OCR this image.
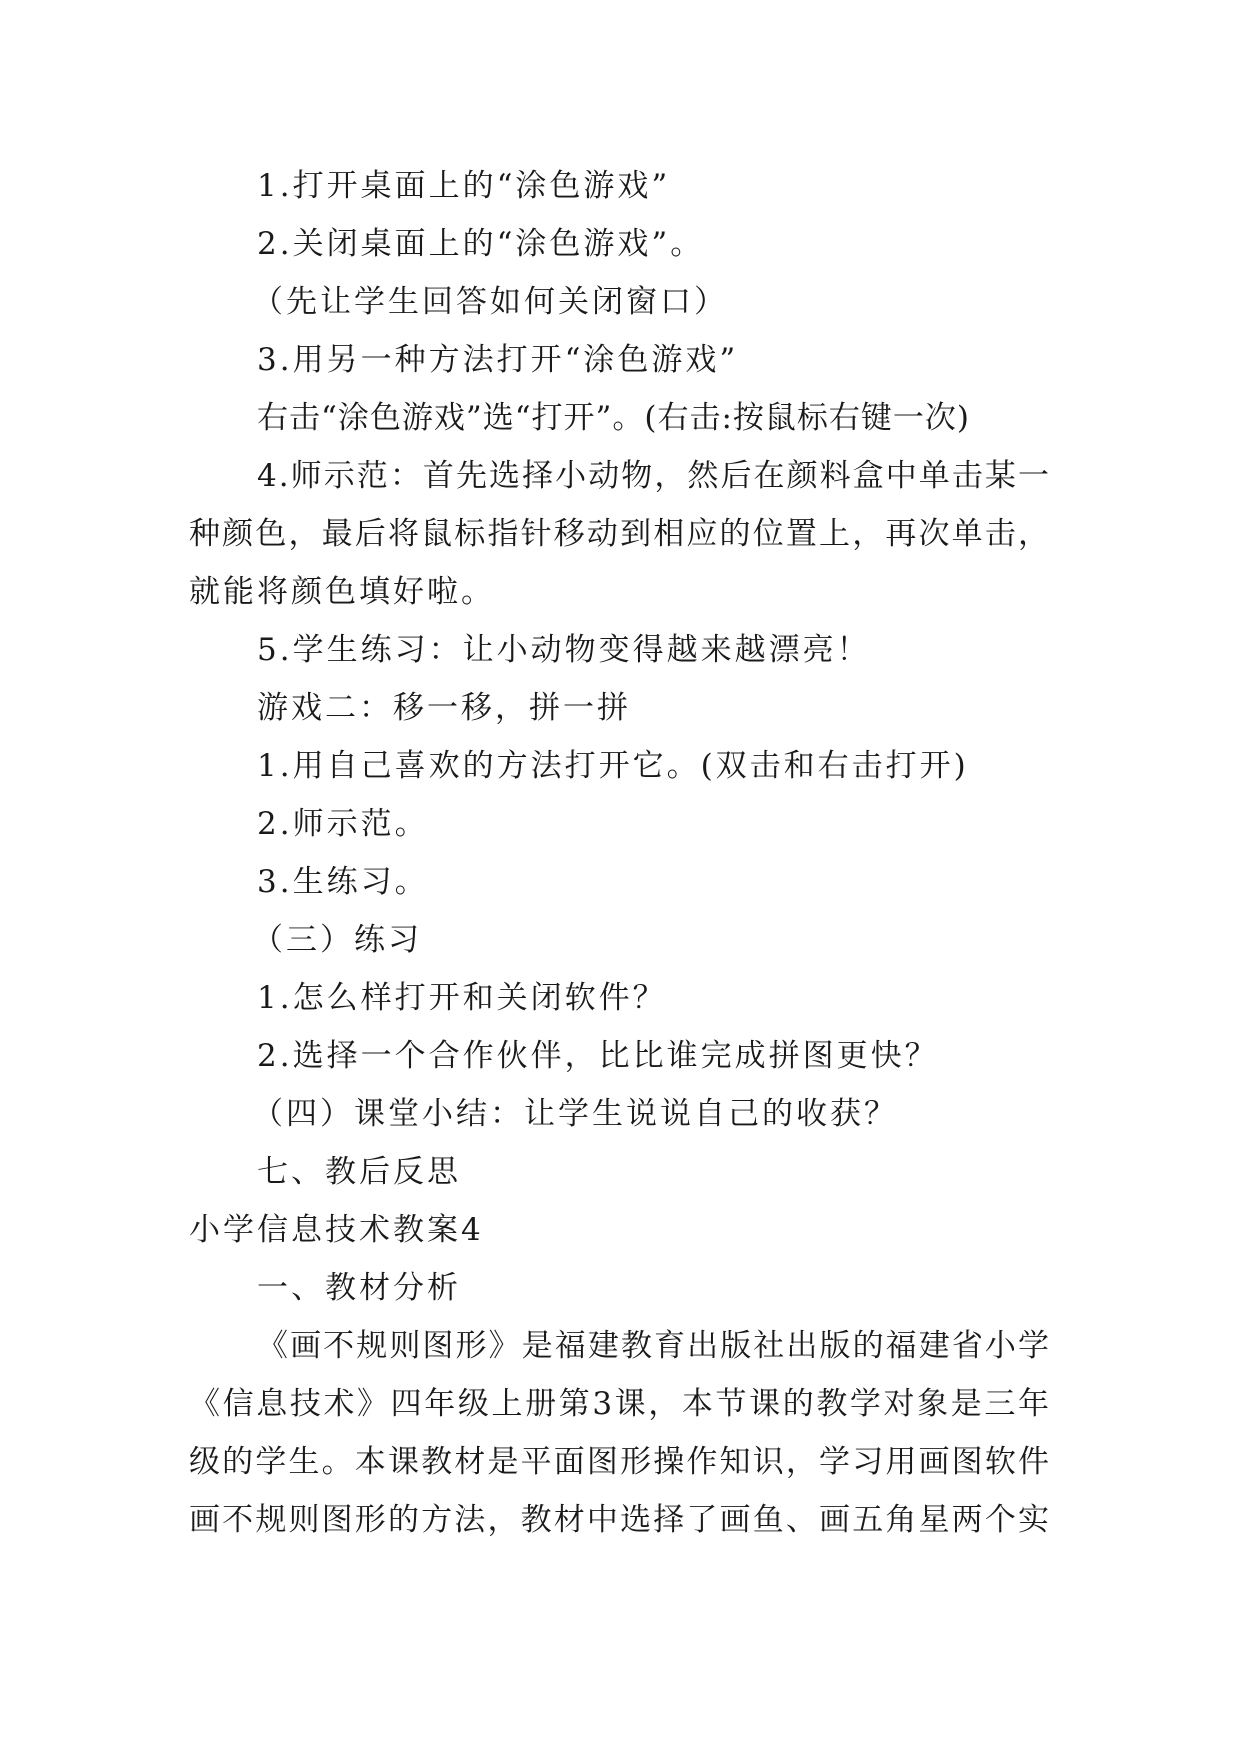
1.打开桌面上的“涂色游戏”
2.关闭桌面上的“涂色游戏”。
（先让学生回答如何关闭窗口）
3.用另一种方法打开“涂色游戏”
右击“涂色游戏”选“打开”。(右击:按鼠标右键一次)
4.师示范：首先选择小动物，然后在颜料盒中单击某一
种颜色，最后将鼠标指针移动到相应的位置上，再次单击，
就能将颜色填好啦。
5.学生练习：让小动物变得越来越漂亮！
游戏二：移一移，拼一拼
1.用自己喜欢的方法打开它。(双击和右击打开)
2.师示范。
3.生练习。
（三）练习
1.怎么样打开和关闭软件？
2.选择一个合作伙伴，比比谁完成拼图更快？
（四）课堂小结：让学生说说自己的收获？
七、教后反思
小学信息技术教案4
一、教材分析
《画不规则图形》是福建教育出版社出版的福建省小学
《信息技术》四年级上册第3课，本节课的教学对象是三年
级的学生。本课教材是平面图形操作知识，学习用画图软件
画不规则图形的方法，教材中选择了画鱼、画五角星两个实
